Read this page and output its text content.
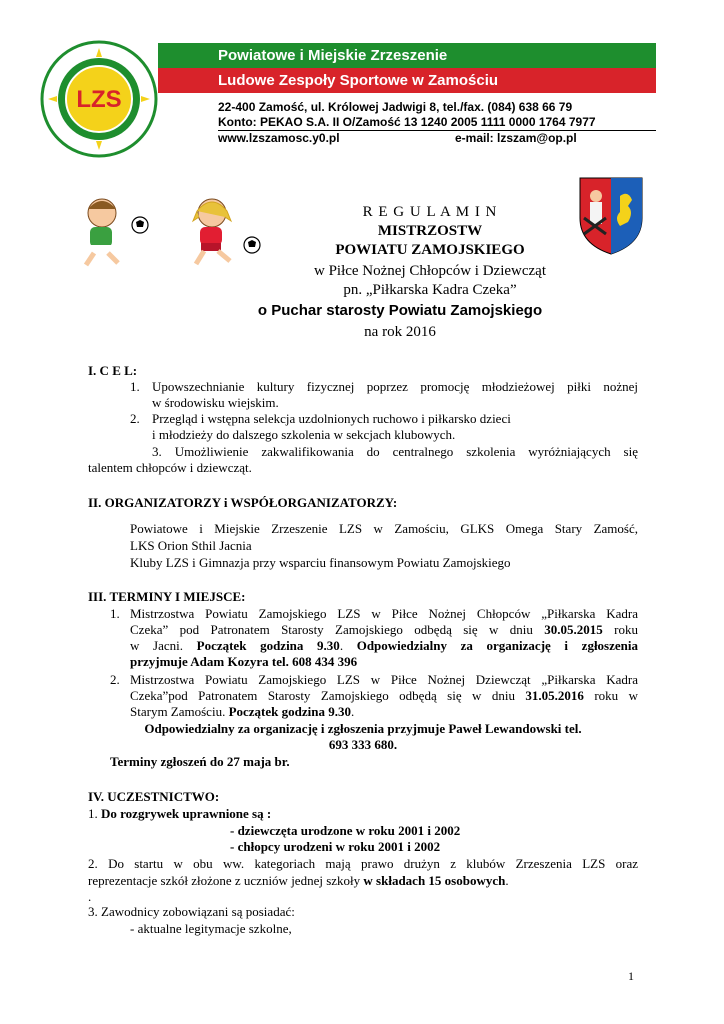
LZS
Powiatowe i Miejskie Zrzeszenie
Ludowe Zespoły Sportowe w Zamościu
22-400 Zamość, ul. Królowej Jadwigi 8, tel./fax. (084) 638 66 79
Konto: PEKAO S.A. II O/Zamość 13 1240 2005 1111 0000 1764 7977
www.lzszamosc.y0.pl	e-mail: lzszam@op.pl
R E G U L A M I N
MISTRZOSTW
POWIATU ZAMOJSKIEGO
w Piłce Nożnej Chłopców i Dziewcząt
pn. „Piłkarska Kadra Czeka”
o Puchar starosty Powiatu Zamojskiego
na rok 2016
I. C E L:
1. Upowszechnianie kultury fizycznej poprzez promocję młodzieżowej piłki nożnej
w środowisku wiejskim.
2. Przegląd i wstępna selekcja uzdolnionych ruchowo i piłkarsko dzieci
i młodzieży do dalszego szkolenia w sekcjach klubowych.
3. Umożliwienie zakwalifikowania do centralnego szkolenia wyróżniających się
talentem chłopców i dziewcząt.
II. ORGANIZATORZY i WSPÓŁORGANIZATORZY:
Powiatowe i Miejskie Zrzeszenie LZS w Zamościu, GLKS Omega Stary Zamość,
LKS Orion Sthil Jacnia
Kluby LZS i Gimnazja przy wsparciu finansowym Powiatu Zamojskiego
III. TERMINY I MIEJSCE:
1. Mistrzostwa Powiatu Zamojskiego LZS w Piłce Nożnej Chłopców „Piłkarska Kadra
Czeka” pod Patronatem Starosty Zamojskiego odbędą się w dniu 30.05.2015 roku
w Jacni. Początek godzina 9.30. Odpowiedzialny za organizację i zgłoszenia
przyjmuje Adam Kozyra tel. 608 434 396
2. Mistrzostwa Powiatu Zamojskiego LZS w Piłce Nożnej Dziewcząt „Piłkarska Kadra
Czeka”pod Patronatem Starosty Zamojskiego odbędą się w dniu 31.05.2016 roku w
Starym Zamościu. Początek godzina 9.30.
Odpowiedzialny za organizację i zgłoszenia przyjmuje Paweł Lewandowski tel.
693 333 680.
Terminy zgłoszeń do 27 maja br.
IV. UCZESTNICTWO:
1. Do rozgrywek uprawnione są :
- dziewczęta urodzone w roku 2001 i 2002
- chłopcy urodzeni w roku 2001 i 2002
2. Do startu w obu ww. kategoriach mają prawo drużyn z klubów Zrzeszenia LZS oraz
reprezentacje szkół złożone z uczniów jednej szkoły w składach 15 osobowych.
.
3. Zawodnicy zobowiązani są posiadać:
- aktualne legitymacje szkolne,
1
